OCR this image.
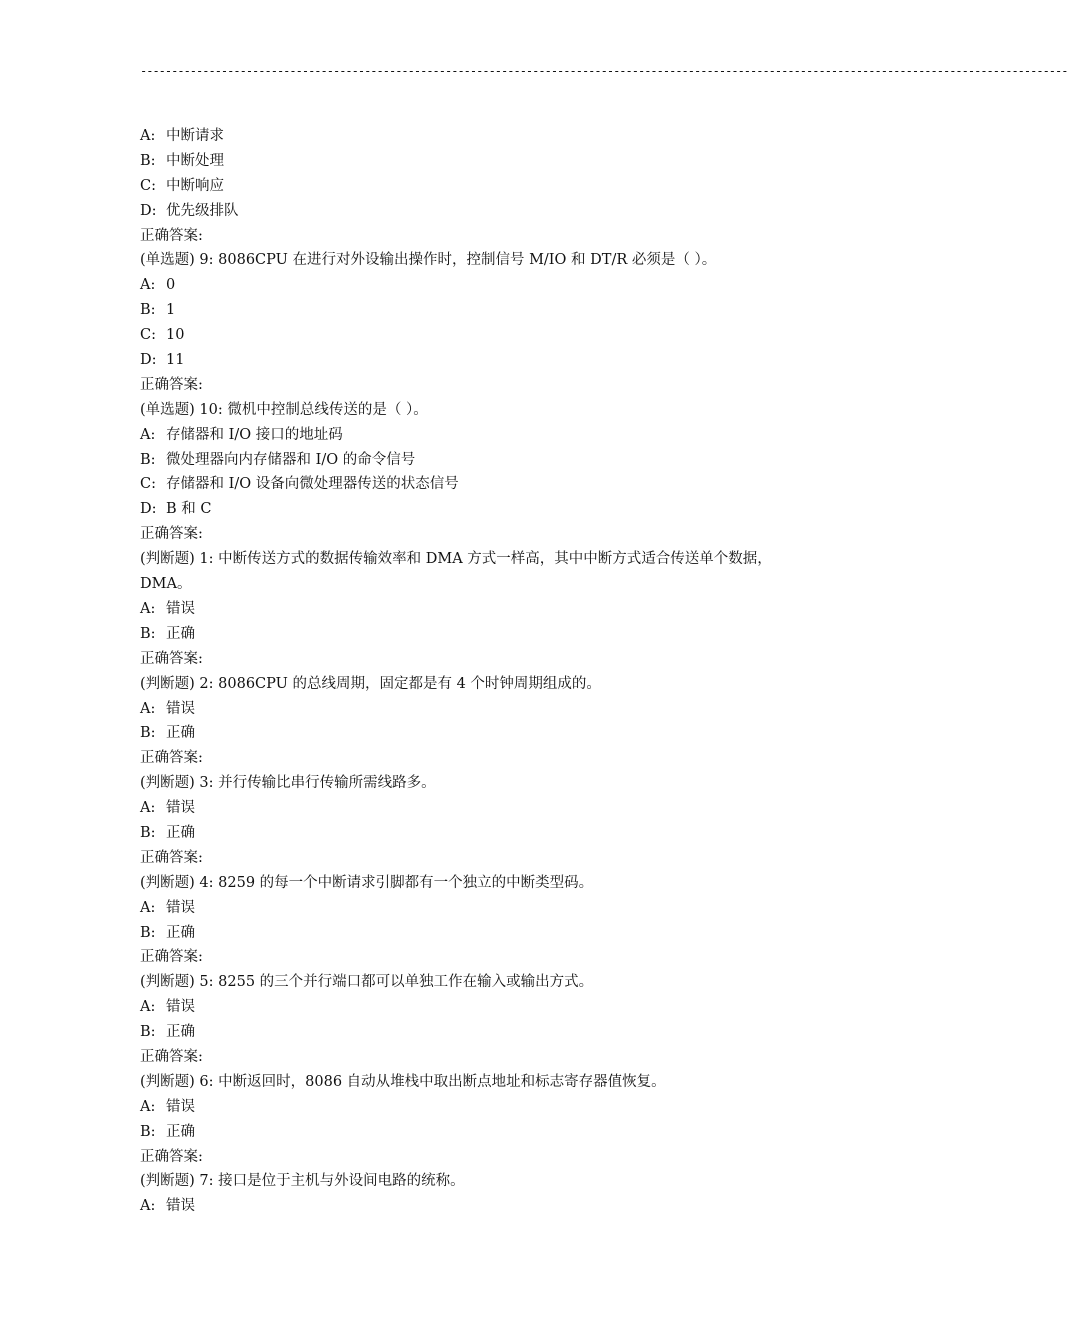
-----------------------------------------------------------------------------------------------------------------------------------------------------
A: 中断请求
B: 中断处理
C: 中断响应
D: 优先级排队
正确答案:
(单选题) 9: 8086CPU 在进行对外设输出操作时，控制信号 M/IO 和 DT/R 必须是（ ）。
A: 0
B: 1
C: 10
D: 11
正确答案:
(单选题) 10: 微机中控制总线传送的是（ ）。
A: 存储器和 I/O 接口的地址码
B: 微处理器向内存储器和 I/O 的命令信号
C: 存储器和 I/O 设备向微处理器传送的状态信号
D: B 和 C
正确答案:
(判断题) 1: 中断传送方式的数据传输效率和 DMA 方式一样高，其中中断方式适合传送单个数据，DMA。
A: 错误
B: 正确
正确答案:
(判断题) 2: 8086CPU 的总线周期，固定都是有 4 个时钟周期组成的。
A: 错误
B: 正确
正确答案:
(判断题) 3: 并行传输比串行传输所需线路多。
A: 错误
B: 正确
正确答案:
(判断题) 4: 8259 的每一个中断请求引脚都有一个独立的中断类型码。
A: 错误
B: 正确
正确答案:
(判断题) 5: 8255 的三个并行端口都可以单独工作在输入或输出方式。
A: 错误
B: 正确
正确答案:
(判断题) 6: 中断返回时，8086 自动从堆栈中取出断点地址和标志寄存器值恢复。
A: 错误
B: 正确
正确答案:
(判断题) 7: 接口是位于主机与外设间电路的统称。
A: 错误
